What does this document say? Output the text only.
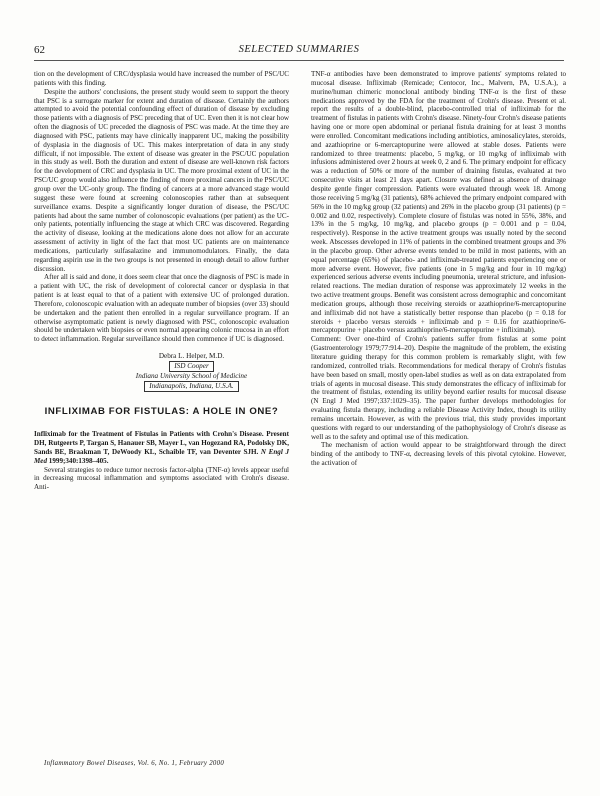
62	SELECTED SUMMARIES

tion on the development of CRC/dysplasia would have increased the number of PSC/UC patients with this finding.

Despite the authors' conclusions, the present study would seem to support the theory that PSC is a surrogate marker for extent and duration of disease. Certainly the authors attempted to avoid the potential confounding effect of duration of disease by excluding those patients with a diagnosis of PSC preceding that of UC. Even then it is not clear how often the diagnosis of UC preceded the diagnosis of PSC was made. At the time they are diagnosed with PSC, patients may have clinically inapparent UC, making the possibility of dysplasia in the diagnosis of UC. This makes interpretation of data in any study difficult, if not impossible. The extent of disease was greater in the PSC/UC population in this study as well. Both the duration and extent of disease are well-known risk factors for the development of CRC and dysplasia in UC. The more proximal extent of UC in the PSC/UC group would also influence the finding of more proximal cancers in the PSC/UC group over the UC-only group. The finding of cancers at a more advanced stage would suggest these were found at screening colonoscopies rather than at subsequent surveillance exams. Despite a significantly longer duration of disease, the PSC/UC patients had about the same number of colonoscopic evaluations (per patient) as the UC-only patients, potentially influencing the stage at which CRC was discovered. Regarding the activity of disease, looking at the medications alone does not allow for an accurate assessment of activity in light of the fact that most UC patients are on maintenance medications, particularly sulfasalazine and immunomodulators. Finally, the data regarding aspirin use in the two groups is not presented in enough detail to allow further discussion.

After all is said and done, it does seem clear that once the diagnosis of PSC is made in a patient with UC, the risk of development of colorectal cancer or dysplasia in that patient is at least equal to that of a patient with extensive UC of prolonged duration. Therefore, colonoscopic evaluation with an adequate number of biopsies (over 33) should be undertaken and the patient then enrolled in a regular surveillance program. If an otherwise asymptomatic patient is newly diagnosed with PSC, colonoscopic evaluation should be undertaken with biopsies or even normal appearing colonic mucosa in an effort to detect inflammation. Regular surveillance should then commence if UC is diagnosed.

Debra L. Helper, M.D.
ISD Cooper
Indiana University School of Medicine
Indianapolis, Indiana, U.S.A.
INFLIXIMAB FOR FISTULAS: A HOLE IN ONE?

Infliximab for the Treatment of Fistulas in Patients with Crohn's Disease. Present DH, Rutgeerts P, Targan S, Hanauer SB, Mayer L, van Hogezand RA, Podolsky DK, Sands BE, Braakman T, DeWoody KL, Schaible TF, van Deventer SJH. N Engl J Med 1999;340:1398–405.

Several strategies to reduce tumor necrosis factor-alpha (TNF-α) levels appear useful in decreasing mucosal inflammation and symptoms associated with Crohn's disease. Anti-

TNF-α antibodies have been demonstrated to improve patients' symptoms related to mucosal disease. Infliximab (Remicade; Centocor, Inc., Malvern, PA, U.S.A.), a murine/human chimeric monoclonal antibody binding TNF-α is the first of these medications approved by the FDA for the treatment of Crohn's disease. Present et al. report the results of a double-blind, placebo-controlled trial of infliximab for the treatment of fistulas in patients with Crohn's disease. Ninety-four Crohn's disease patients having one or more open abdominal or perianal fistula draining for at least 3 months were enrolled. Concomitant medications including antibiotics, aminosalicylates, steroids, and azathioprine or 6-mercaptopurine were allowed at stable doses. Patients were randomized to three treatments: placebo, 5 mg/kg, or 10 mg/kg of infliximab with infusions administered over 2 hours at week 0, 2 and 6. The primary endpoint for efficacy was a reduction of 50% or more of the number of draining fistulas, evaluated at two consecutive visits at least 21 days apart. Closure was defined as absence of drainage despite gentle finger compression. Patients were evaluated through week 18. Among those receiving 5 mg/kg (31 patients), 68% achieved the primary endpoint compared with 56% in the 10 mg/kg group (32 patients) and 26% in the placebo group (31 patients) (p = 0.002 and 0.02, respectively). Complete closure of fistulas was noted in 55%, 38%, and 13% in the 5 mg/kg, 10 mg/kg, and placebo groups (p = 0.001 and p = 0.04, respectively). Response in the active treatment groups was usually noted by the second week. Abscesses developed in 11% of patients in the combined treatment groups and 3% in the placebo group. Other adverse events tended to be mild in most patients, with an equal percentage (65%) of placebo- and infliximab-treated patients experiencing one or more adverse event. However, five patients (one in 5 mg/kg and four in 10 mg/kg) experienced serious adverse events including pneumonia, ureteral stricture, and infusion-related reactions. The median duration of response was approximately 12 weeks in the two active treatment groups. Benefit was consistent across demographic and concomitant medication groups, although those receiving steroids or azathioprine/6-mercaptopurine and infliximab did not have a statistically better response than placebo (p = 0.18 for steroids + placebo versus steroids + infliximab and p = 0.16 for azathioprine/6-mercaptopurine + placebo versus azathioprine/6-mercaptopurine + infliximab).

Comment: Over one-third of Crohn's patients suffer from fistulas at some point (Gastroenterology 1979;77:914–20). Despite the magnitude of the problem, the existing literature guiding therapy for this common problem is remarkably slight, with few randomized, controlled trials. Recommendations for medical therapy of Crohn's fistulas have been based on small, mostly open-label studies as well as on data extrapolated from trials of agents in mucosal disease. This study demonstrates the efficacy of infliximab for the treatment of fistulas, extending its utility beyond earlier results for mucosal disease (N Engl J Med 1997;337:1029–35). The paper further develops methodologies for evaluating fistula therapy, including a reliable Disease Activity Index, though its utility remains uncertain. However, as with the previous trial, this study provides important questions with regard to our understanding of the pathophysiology of Crohn's disease as well as to the safety and optimal use of this medication.

The mechanism of action would appear to be straightforward through the direct binding of the antibody to TNF-α, decreasing levels of this pivotal cytokine. However, the activation of

Inflammatory Bowel Diseases, Vol. 6, No. 1, February 2000
